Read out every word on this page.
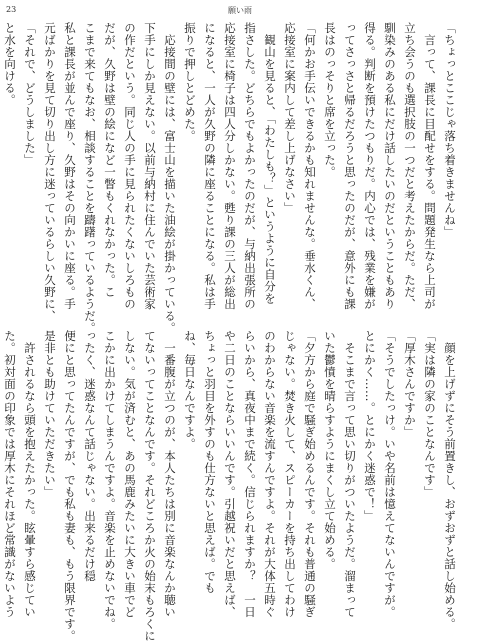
23	願い雨
「ちょっとここじゃ落ち着きませんね」
　言って、課長に目配せをする。問題発生なら上司が
立ち会うのも選択肢の一つだと考えたからだ。ただ、
馴染みのある私にだけ話したいのだということもあり
得る。判断を預けたつもりだ。内心では、残業を嫌が
ってさっさと帰るだろうと思ったのだが、意外にも課
長はのっそりと席を立った。
「何かお手伝いできるかも知れませんな。垂水くん、
応接室に案内して差し上げなさい」
　観山を見ると、「わたしも？」というように自分を
指さした。どちらでもよかったのだが、与納出張所の
応接室に椅子は四人分しかない。甦り課の三人が総出
になると、一人が久野の隣に座ることになる。私は手
振りで押しとどめた。
　応接間の壁には、富士山を描いた油絵が掛かっている。
下手にしか見えない。以前与納村に住んでいた芸術家
の作だという。同じ人の手に見られたくないしろもの
だが、久野は壁の絵になど一瞥もくれなかった。こ
こまで来てもなお、相談することを躊躇っているようだ。
私と課長が並んで座り、久野はその向かいに座る。手
元ばかりを見て切り出し方に迷っているらしい久野に、
「それで、どうしました」
と水を向ける。
　顔を上げずにそう前置きし、おずおずと話し始める。
「実は隣の家のことなんです」
「厚木さんですか」
「そうでしたっけ。いや名前は憶えてないんですが。
とにかく……。とにかく迷惑で！」
　そこまで言って思い切りがついたようだ。溜まって
いた鬱憤を晴らすようにまくし立て始める。
「夕方から庭で騒ぎ始めるんです。それも普通の騒ぎ
じゃない。焚き火して、スピーカーを持ち出してわけ
のわからない音楽を流すんですよ。それが大体五時ぐ
らいから、真夜中まで続く。信じられますか？　一日
や二日のことならいいんです。引越祝いだと思えば、
ちょっと羽目を外すのも仕方ないと思えば。でも
ね、毎日なんですよ。
　一番腹が立つのが、本人たちは別に音楽なんか聴い
てないってことなんです。それどころか火の始末もろくに
しない。気が済むと、あの馬鹿みたいに大きい車でど
こかに出かけてしまうんですよ。音楽を止めないでね。
ったく、迷惑なんて話じゃない。出来るだけ穏
便にと思ってたんですが、でも私も妻も、もう限界です。
是非とも助けていただきたい」
　許されるなら頭を抱えたかった。眩暈すら感じてい
た。初対面の印象では厚木にそれほど常識がないよう
